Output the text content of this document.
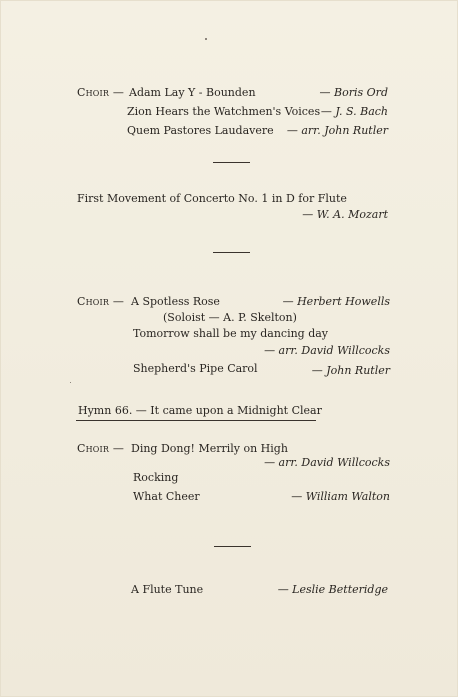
Choir — Adam Lay Y - Bounden	— Boris Ord
Zion Hears the Watchmen's Voices — J. S. Bach
Quem Pastores Laudavere — arr. John Rutler
First Movement of Concerto No. 1 in D for Flute
— W. A. Mozart
Choir — A Spotless Rose	— Herbert Howells
(Soloist — A. P. Skelton)
Tomorrow shall be my dancing day
— arr. David Willcocks
Shepherd's Pipe Carol	— John Rutler
Hymn 66. — It came upon a Midnight Clear
Choir — Ding Dong! Merrily on High
— arr. David Willcocks
Rocking
What Cheer	— William Walton
A Flute Tune	— Leslie Betteridge
